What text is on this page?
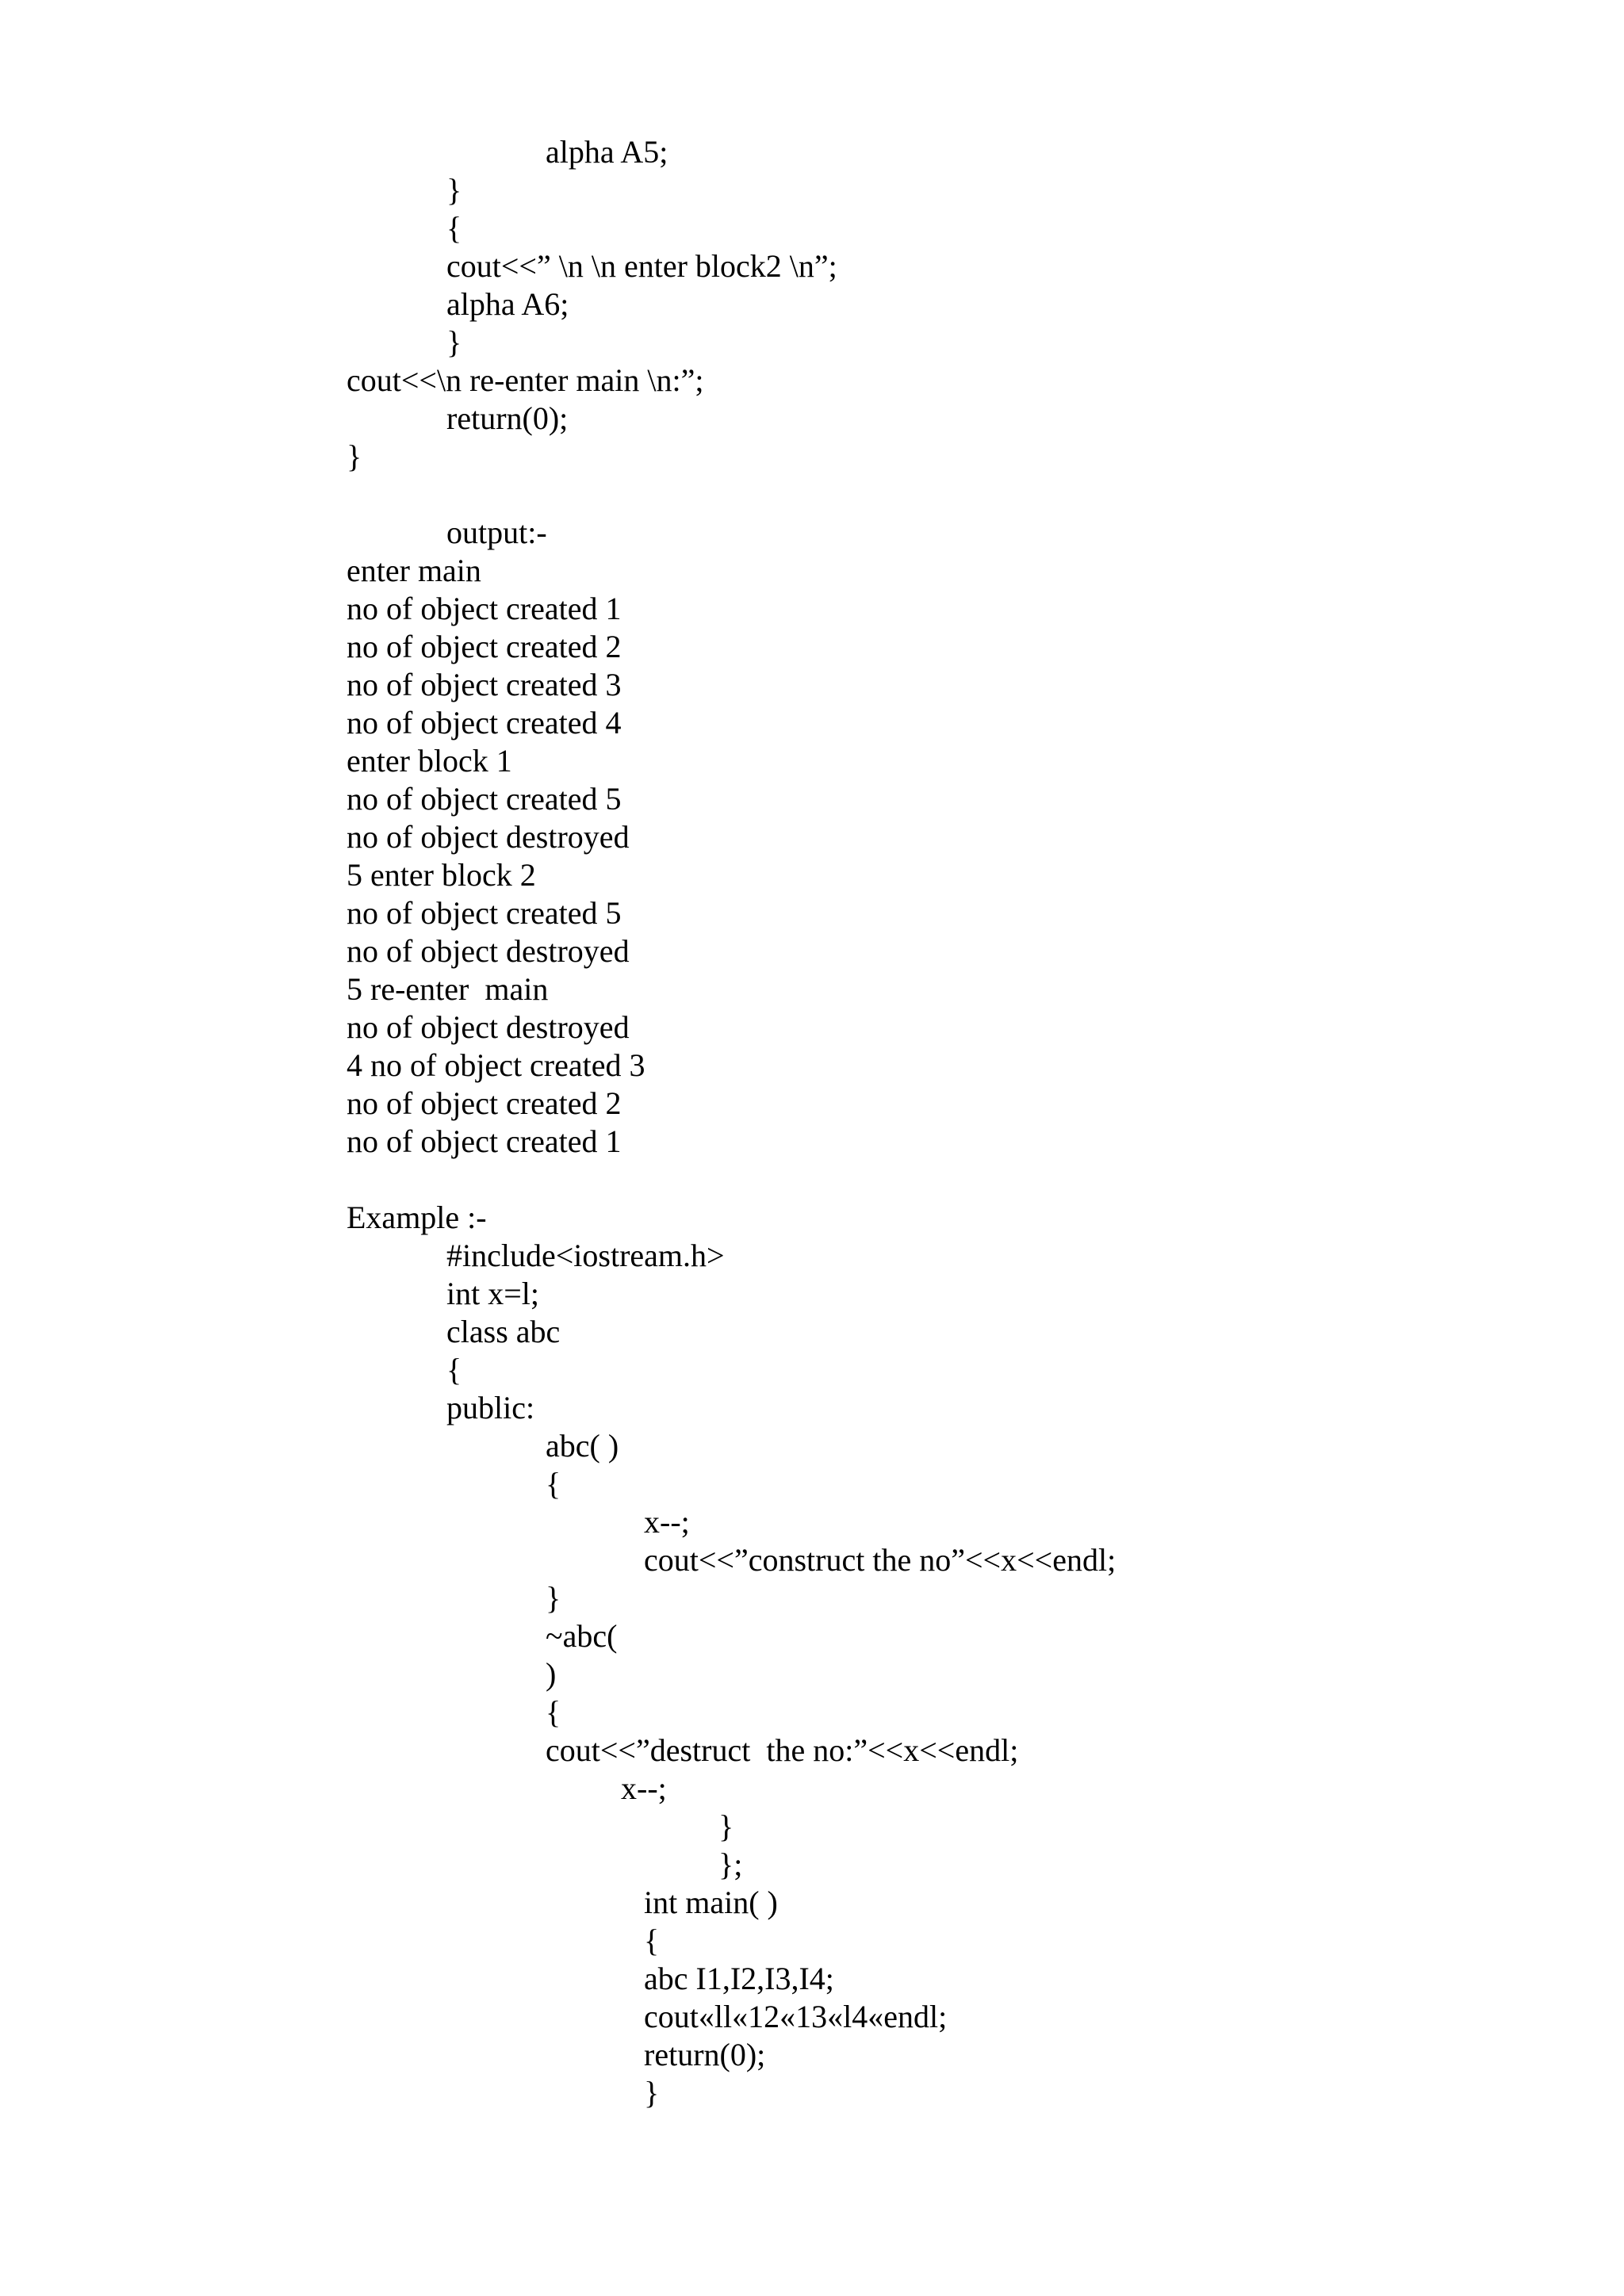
alpha A5;
}
{
cout<<” \n \n enter block2 \n”;
alpha A6;
}
cout<<\n re-enter main \n:”;
return(0);
}
output:-
enter main
no of object created 1
no of object created 2
no of object created 3
no of object created 4
enter block 1
no of object created 5
no of object destroyed
5 enter block 2
no of object created 5
no of object destroyed
5 re-enter  main
no of object destroyed
4 no of object created 3
no of object created 2
no of object created 1
Example :-
#include<iostream.h>
int x=l;
class abc
{
public:
abc( )
{
x--;
cout<<”construct the no”<<x<<endl;
}
~abc(
)
{
cout<<”destruct  the no:”<<x<<endl;
x--;
}
};
int main( )
{
abc I1,I2,I3,I4;
cout«ll«12«13«l4«endl;
return(0);
}
